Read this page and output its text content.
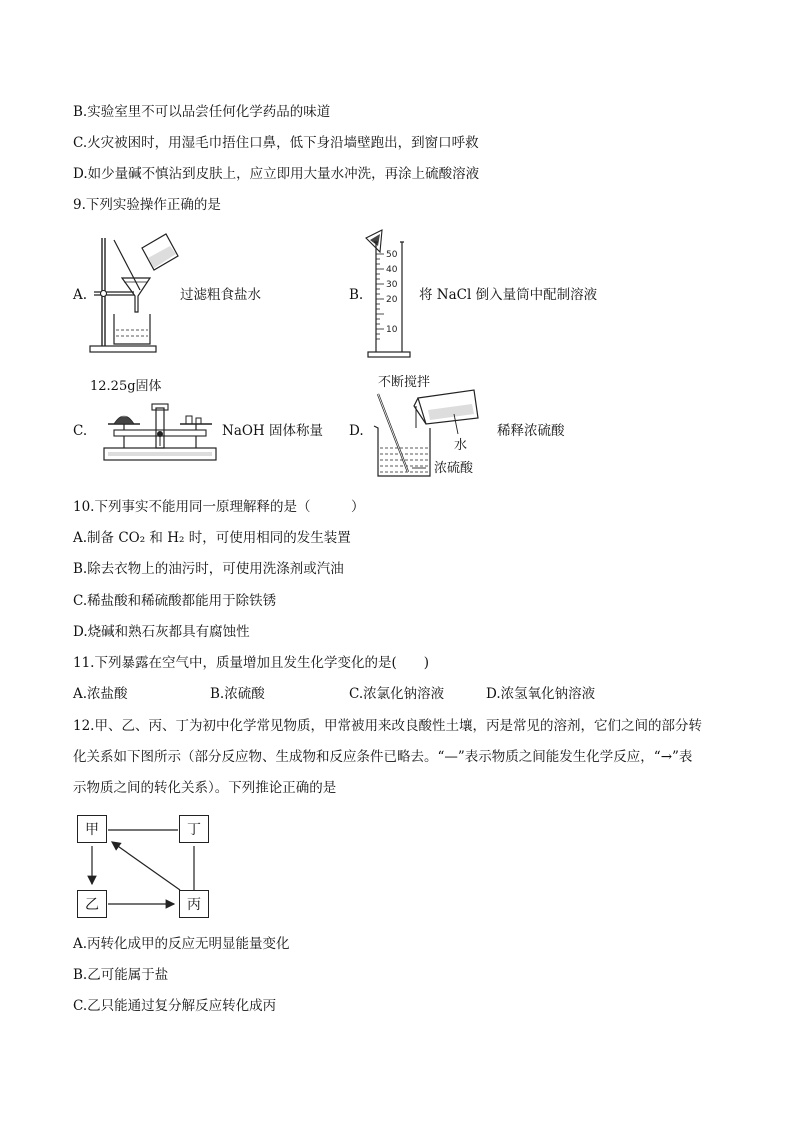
B.实验室里不可以品尝任何化学药品的味道
C.火灾被困时，用湿毛巾捂住口鼻，低下身沿墙壁跑出，到窗口呼救
D.如少量碱不慎沾到皮肤上，应立即用大量水冲洗，再涂上硫酸溶液
9.下列实验操作正确的是
A.	过滤粗食盐水	B.
50
40
30
20
10
将 NaCl 倒入量筒中配制溶液
12.25g固体
C.	NaOH 固体称量 D.
不断搅拌
水
浓硫酸
稀释浓硫酸
10.下列事实不能用同一原理解释的是（　　　）
A.制备 CO₂ 和 H₂ 时，可使用相同的发生装置
B.除去衣物上的油污时，可使用洗涤剂或汽油
C.稀盐酸和稀硫酸都能用于除铁锈
D.烧碱和熟石灰都具有腐蚀性
11.下列暴露在空气中，质量增加且发生化学变化的是(　　)
A.浓盐酸	B.浓硫酸	C.浓氯化钠溶液	D.浓氢氧化钠溶液
12.甲、乙、丙、丁为初中化学常见物质，甲常被用来改良酸性土壤，丙是常见的溶剂，它们之间的部分转
化关系如下图所示（部分反应物、生成物和反应条件已略去。“—”表示物质之间能发生化学反应，“→”表
示物质之间的转化关系）。下列推论正确的是
甲	丁
乙	丙
A.丙转化成甲的反应无明显能量变化
B.乙可能属于盐
C.乙只能通过复分解反应转化成丙
